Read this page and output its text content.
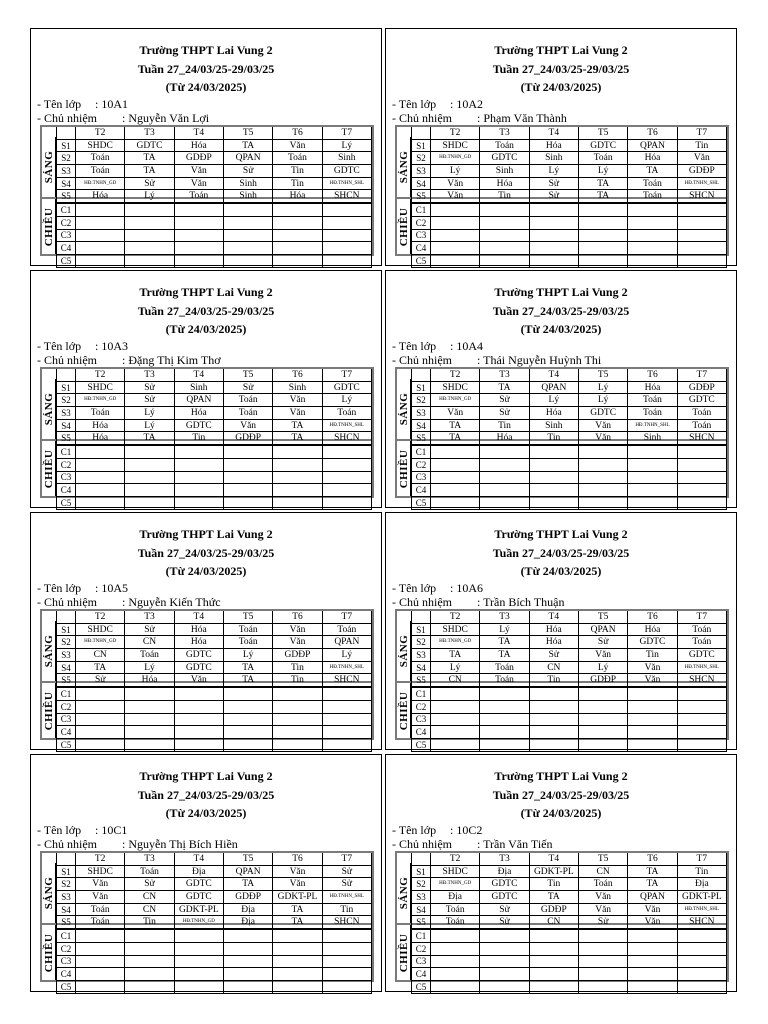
Trường THPT Lai Vung 2
Tuần 27_24/03/25-29/03/25
(Từ 24/03/2025)
- Tên lớp : 10A1
- Chủ nhiệm : Nguyễn Văn Lợi
SÁNG
CHIỀU
	T2	T3	T4	T5	T6	T7
S1	SHDC	GDTC	Hóa	TA	Văn	Lý
S2	Toán	TA	GDĐP	QPAN	Toán	Sinh
S3	Toán	TA	Văn	Sử	Tin	GDTC
S4	HĐ.TNHN_GD	Sử	Văn	Sinh	Tin	HĐ.TNHN_SHL
S5	Hóa	Lý	Toán	Sinh	Hóa	SHCN
C1						
C2						
C3						
C4						
C5						
Trường THPT Lai Vung 2
Tuần 27_24/03/25-29/03/25
(Từ 24/03/2025)
- Tên lớp : 10A2
- Chủ nhiệm : Phạm Văn Thành
SÁNG
CHIỀU
	T2	T3	T4	T5	T6	T7
S1	SHDC	Toán	Hóa	GDTC	QPAN	Tin
S2	HĐ.TNHN_GD	GDTC	Sinh	Toán	Hóa	Văn
S3	Lý	Sinh	Lý	Lý	TA	GDĐP
S4	Văn	Hóa	Sử	TA	Toán	HĐ.TNHN_SHL
S5	Văn	Tin	Sử	TA	Toán	SHCN
C1						
C2						
C3						
C4						
C5						
Trường THPT Lai Vung 2
Tuần 27_24/03/25-29/03/25
(Từ 24/03/2025)
- Tên lớp : 10A3
- Chủ nhiệm : Đặng Thị Kim Thơ
SÁNG
CHIỀU
	T2	T3	T4	T5	T6	T7
S1	SHDC	Sử	Sinh	Sử	Sinh	GDTC
S2	HĐ.TNHN_GD	Sử	QPAN	Toán	Văn	Lý
S3	Toán	Lý	Hóa	Toán	Văn	Toán
S4	Hóa	Lý	GDTC	Văn	TA	HĐ.TNHN_SHL
S5	Hóa	TA	Tin	GDĐP	TA	SHCN
C1						
C2						
C3						
C4						
C5						
Trường THPT Lai Vung 2
Tuần 27_24/03/25-29/03/25
(Từ 24/03/2025)
- Tên lớp : 10A4
- Chủ nhiệm : Thái Nguyễn Huỳnh Thi
SÁNG
CHIỀU
	T2	T3	T4	T5	T6	T7
S1	SHDC	TA	QPAN	Lý	Hóa	GDĐP
S2	HĐ.TNHN_GD	Sử	Lý	Lý	Toán	GDTC
S3	Văn	Sử	Hóa	GDTC	Toán	Toán
S4	TA	Tin	Sinh	Văn	HĐ.TNHN_SHL	Toán
S5	TA	Hóa	Tin	Văn	Sinh	SHCN
C1						
C2						
C3						
C4						
C5						
Trường THPT Lai Vung 2
Tuần 27_24/03/25-29/03/25
(Từ 24/03/2025)
- Tên lớp : 10A5
- Chủ nhiệm : Nguyễn Kiến Thức
SÁNG
CHIỀU
	T2	T3	T4	T5	T6	T7
S1	SHDC	Sử	Hóa	Toán	Văn	Toán
S2	HĐ.TNHN_GD	CN	Hóa	Toán	Văn	QPAN
S3	CN	Toán	GDTC	Lý	GDĐP	Lý
S4	TA	Lý	GDTC	TA	Tin	HĐ.TNHN_SHL
S5	Sử	Hóa	Văn	TA	Tin	SHCN
C1						
C2						
C3						
C4						
C5						
Trường THPT Lai Vung 2
Tuần 27_24/03/25-29/03/25
(Từ 24/03/2025)
- Tên lớp : 10A6
- Chủ nhiệm : Trần Bích Thuận
SÁNG
CHIỀU
	T2	T3	T4	T5	T6	T7
S1	SHDC	Lý	Hóa	QPAN	Hóa	Toán
S2	HĐ.TNHN_GD	TA	Hóa	Sử	GDTC	Toán
S3	TA	TA	Sử	Văn	Tin	GDTC
S4	Lý	Toán	CN	Lý	Văn	HĐ.TNHN_SHL
S5	CN	Toán	Tin	GDĐP	Văn	SHCN
C1						
C2						
C3						
C4						
C5						
Trường THPT Lai Vung 2
Tuần 27_24/03/25-29/03/25
(Từ 24/03/2025)
- Tên lớp : 10C1
- Chủ nhiệm : Nguyễn Thị Bích Hiền
SÁNG
CHIỀU
	T2	T3	T4	T5	T6	T7
S1	SHDC	Toán	Địa	QPAN	Văn	Sử
S2	Văn	Sử	GDTC	TA	Văn	Sử
S3	Văn	CN	GDTC	GDĐP	GDKT-PL	HĐ.TNHN_SHL
S4	Toán	CN	GDKT-PL	Địa	TA	Tin
S5	Toán	Tin	HĐ.TNHN_GD	Địa	TA	SHCN
C1						
C2						
C3						
C4						
C5						
Trường THPT Lai Vung 2
Tuần 27_24/03/25-29/03/25
(Từ 24/03/2025)
- Tên lớp : 10C2
- Chủ nhiệm : Trần Văn Tiến
SÁNG
CHIỀU
	T2	T3	T4	T5	T6	T7
S1	SHDC	Địa	GDKT-PL	CN	TA	Tin
S2	HĐ.TNHN_GD	GDTC	Tin	Toán	TA	Địa
S3	Địa	GDTC	TA	Văn	QPAN	GDKT-PL
S4	Toán	Sử	GDĐP	Văn	Văn	HĐ.TNHN_SHL
S5	Toán	Sử	CN	Sử	Văn	SHCN
C1						
C2						
C3						
C4						
C5						
